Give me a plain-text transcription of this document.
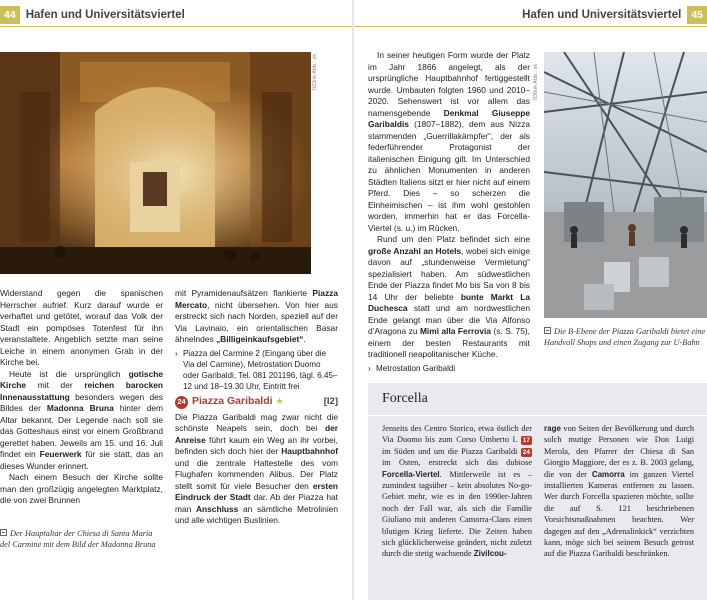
44 Hafen und Universitätsviertel	Hafen und Universitätsviertel 45
022nk Abb.: sk

Widerstand gegen die spanischen Herrscher aufrief. Kurz darauf wurde er verhaftet und getötet, worauf das Volk der Stadt ein pompöses Totenfest für ihn veranstaltete. Angeblich setzte man seine Leiche in einem anonymen Grab in der Kirche bei.

Heute ist die ursprünglich gotische Kirche mit der reichen barocken Innenausstattung besonders wegen des Bildes der Madonna Bruna hinter dem Altar bekannt. Der Legende nach soll sie das Gotteshaus einst vor einem Großbrand gerettet haben. Jeweils am 15. und 16. Juli findet ein Feuerwerk für sie statt, das an dieses Wunder erinnert.

Nach einem Besuch der Kirche sollte man den großzügig angelegten Marktplatz, die von zwei Brunnen

Der Hauptaltar der Chiesa di Santa Maria del Carmine mit dem Bild der Madonna Bruna

mit Pyramidenaufsätzen flankierte Piazza Mercato, nicht übersehen. Von hier aus erstreckt sich nach Norden, speziell auf der Via Lavinaio, ein orientalischen Basar ähnelndes „Billigeinkaufsgebiet“.

› Piazza del Carmine 2 (Eingang über die Via del Carmine), Metrostation Duomo oder Garibaldi, Tel. 081 201196, tägl. 6.45–12 und 18–19.30 Uhr, Eintritt frei
24 Piazza Garibaldi ★	[I2]

Die Piazza Garibaldi mag zwar nicht die schönste Neapels sein, doch bei der Anreise führt kaum ein Weg an ihr vorbei, befinden sich doch hier der Hauptbahnhof und die zentrale Haltestelle des vom Flughafen kommenden Alibus. Der Platz stellt somit für viele Besucher den ersten Eindruck der Stadt dar. Ab der Piazza hat man Anschluss an sämtliche Metrolinien und alle wichtigen Buslinien.

In seiner heutigen Form wurde der Platz im Jahr 1866 angelegt, als der ursprüngliche Hauptbahnhof fertiggestellt wurde. Umbauten folgten 1960 und 2010–2020. Sehenswert ist vor allem das namensgebende Denkmal Giuseppe Garibaldis (1807–1882), dem aus Nizza stammenden „Guerrillakämpfer“, der als federführender Protagonist der italienischen Einigung gilt. Im Unterschied zu ähnlichen Monumenten in anderen Städten Italiens sitzt er hier nicht auf einem Pferd. Dies – so scherzen die Einheimischen – ist ihm wohl gestohlen worden, immerhin hat er das Forcella-Viertel (s. u.) im Rücken.

Rund um den Platz befindet sich eine große Anzahl an Hotels, wobei sich einige davon auf „stundenweise Vermietung“ spezialisiert haben. Am südwestlichen Ende der Piazza findet Mo bis Sa von 8 bis 14 Uhr der beliebte bunte Markt La Duchesca statt und am nordwestlichen Ende gelangt man über die Via Alfonso d’Aragona zu Mimì alla Ferrovia (s. S. 75), einem der besten Restaurants mit traditionell neapolitanischer Küche.

› Metrostation Garibaldi
036nk Abb.: sk
Die B-Ebene der Piazza Garibaldi bietet eine Handvoll Shops und einen Zugang zur U-Bahn
Forcella
Jenseits des Centro Storico, etwa östlich der Via Duomo bis zum Corso Umberto I. 17 im Süden und um die Piazza Garibaldi 24 im Osten, erstreckt sich das dubiose Forcella-Viertel. Mittlerweile ist es – zumindest tagsüber – kein absolutes No-go-Gebiet mehr, wie es in den 1990er-Jahren noch der Fall war, als sich die Familie Giuliano mit anderen Camorra-Clans einen blutigen Krieg lieferte. Die Zeiten haben sich glücklicherweise geändert, nicht zuletzt durch die stetig wachsende Zivilcou-
rage von Seiten der Bevölkerung und durch solch mutige Personen wie Don Luigi Merola, den Pfarrer der Chiesa di San Giorgio Maggiore, der es z. B. 2003 gelang, die von der Camorra im ganzen Viertel installierten Kameras entfernen zu lassen. Wer durch Forcella spazieren möchte, sollte die auf S. 121 beschriebenen Vorsichtsmaßnahmen beachten. Wer dagegen auf den „Adrenalinkick“ verzichten kann, möge sich bei seinem Besuch getrost auf die Piazza Garibaldi beschränken.
